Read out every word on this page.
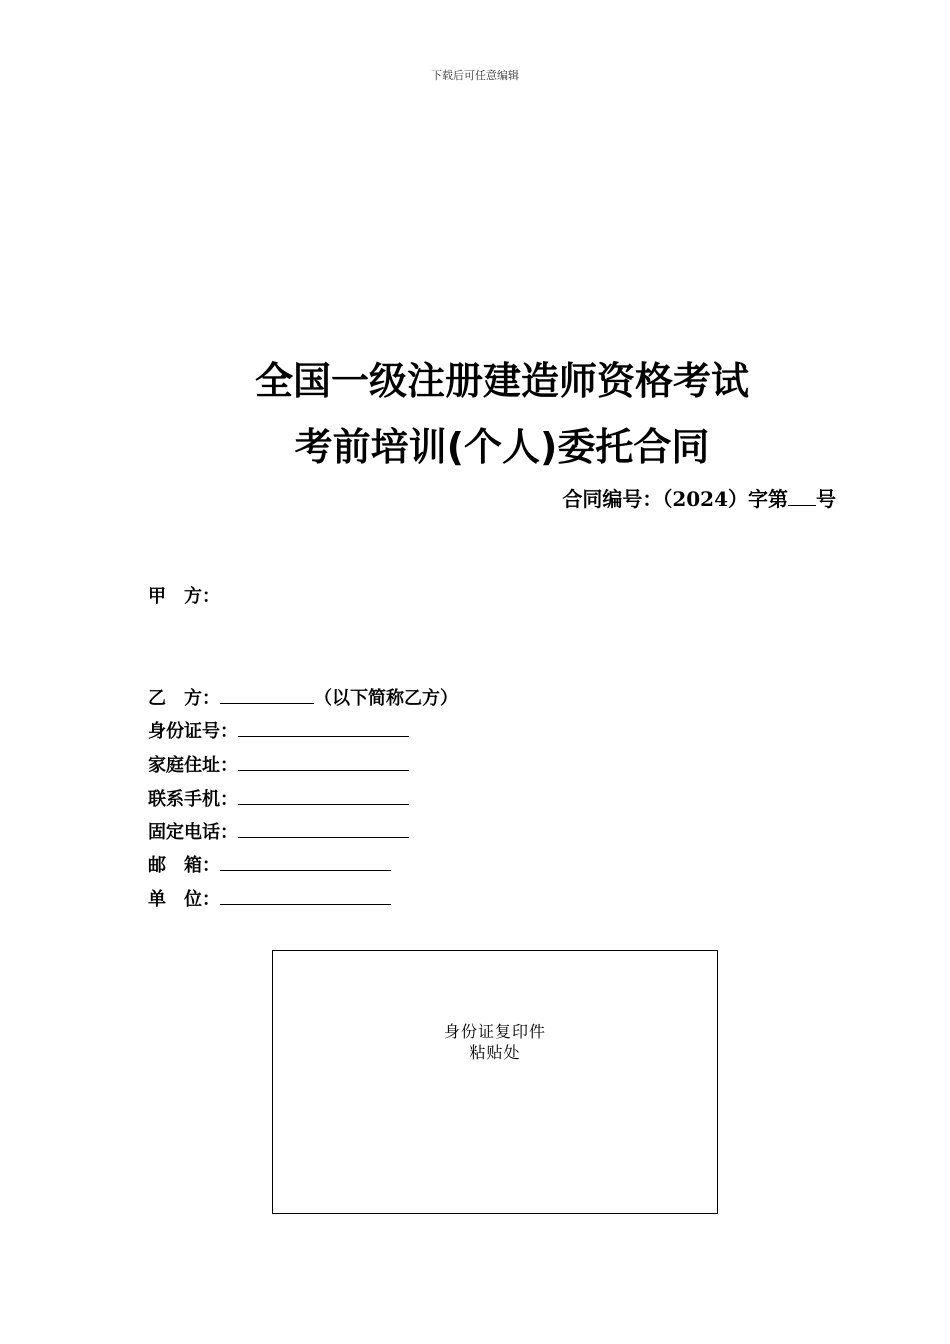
下载后可任意编辑
全国一级注册建造师资格考试
考前培训(个人)委托合同
合同编号：（2024）字第 号
甲　方：
乙　方：	（以下简称乙方）
身份证号：
家庭住址：
联系手机：
固定电话：
邮　箱：
单　位：
身份证复印件
粘贴处
